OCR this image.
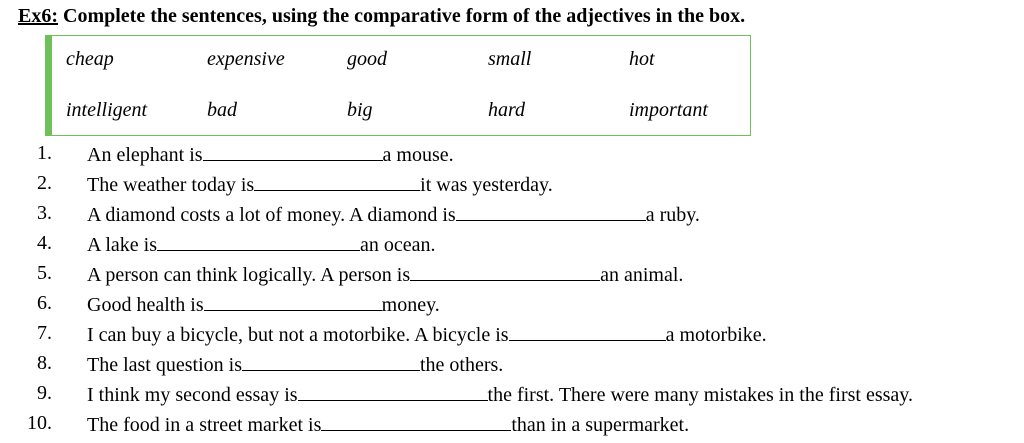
Ex6: Complete the sentences, using the comparative form of the adjectives in the box.
cheap	expensive	good	small	hot
intelligent	bad	big	hard	important
1. An elephant is	a mouse.
2. The weather today is	it was yesterday.
3. A diamond costs a lot of money. A diamond is	a ruby.
4. A lake is	an ocean.
5. A person can think logically. A person is	an animal.
6. Good health is	money.
7. I can buy a bicycle, but not a motorbike. A bicycle is	a motorbike.
8. The last question is	the others.
9. I think my second essay is	the first. There were many mistakes in the first essay.
10. The food in a street market is	than in a supermarket.
